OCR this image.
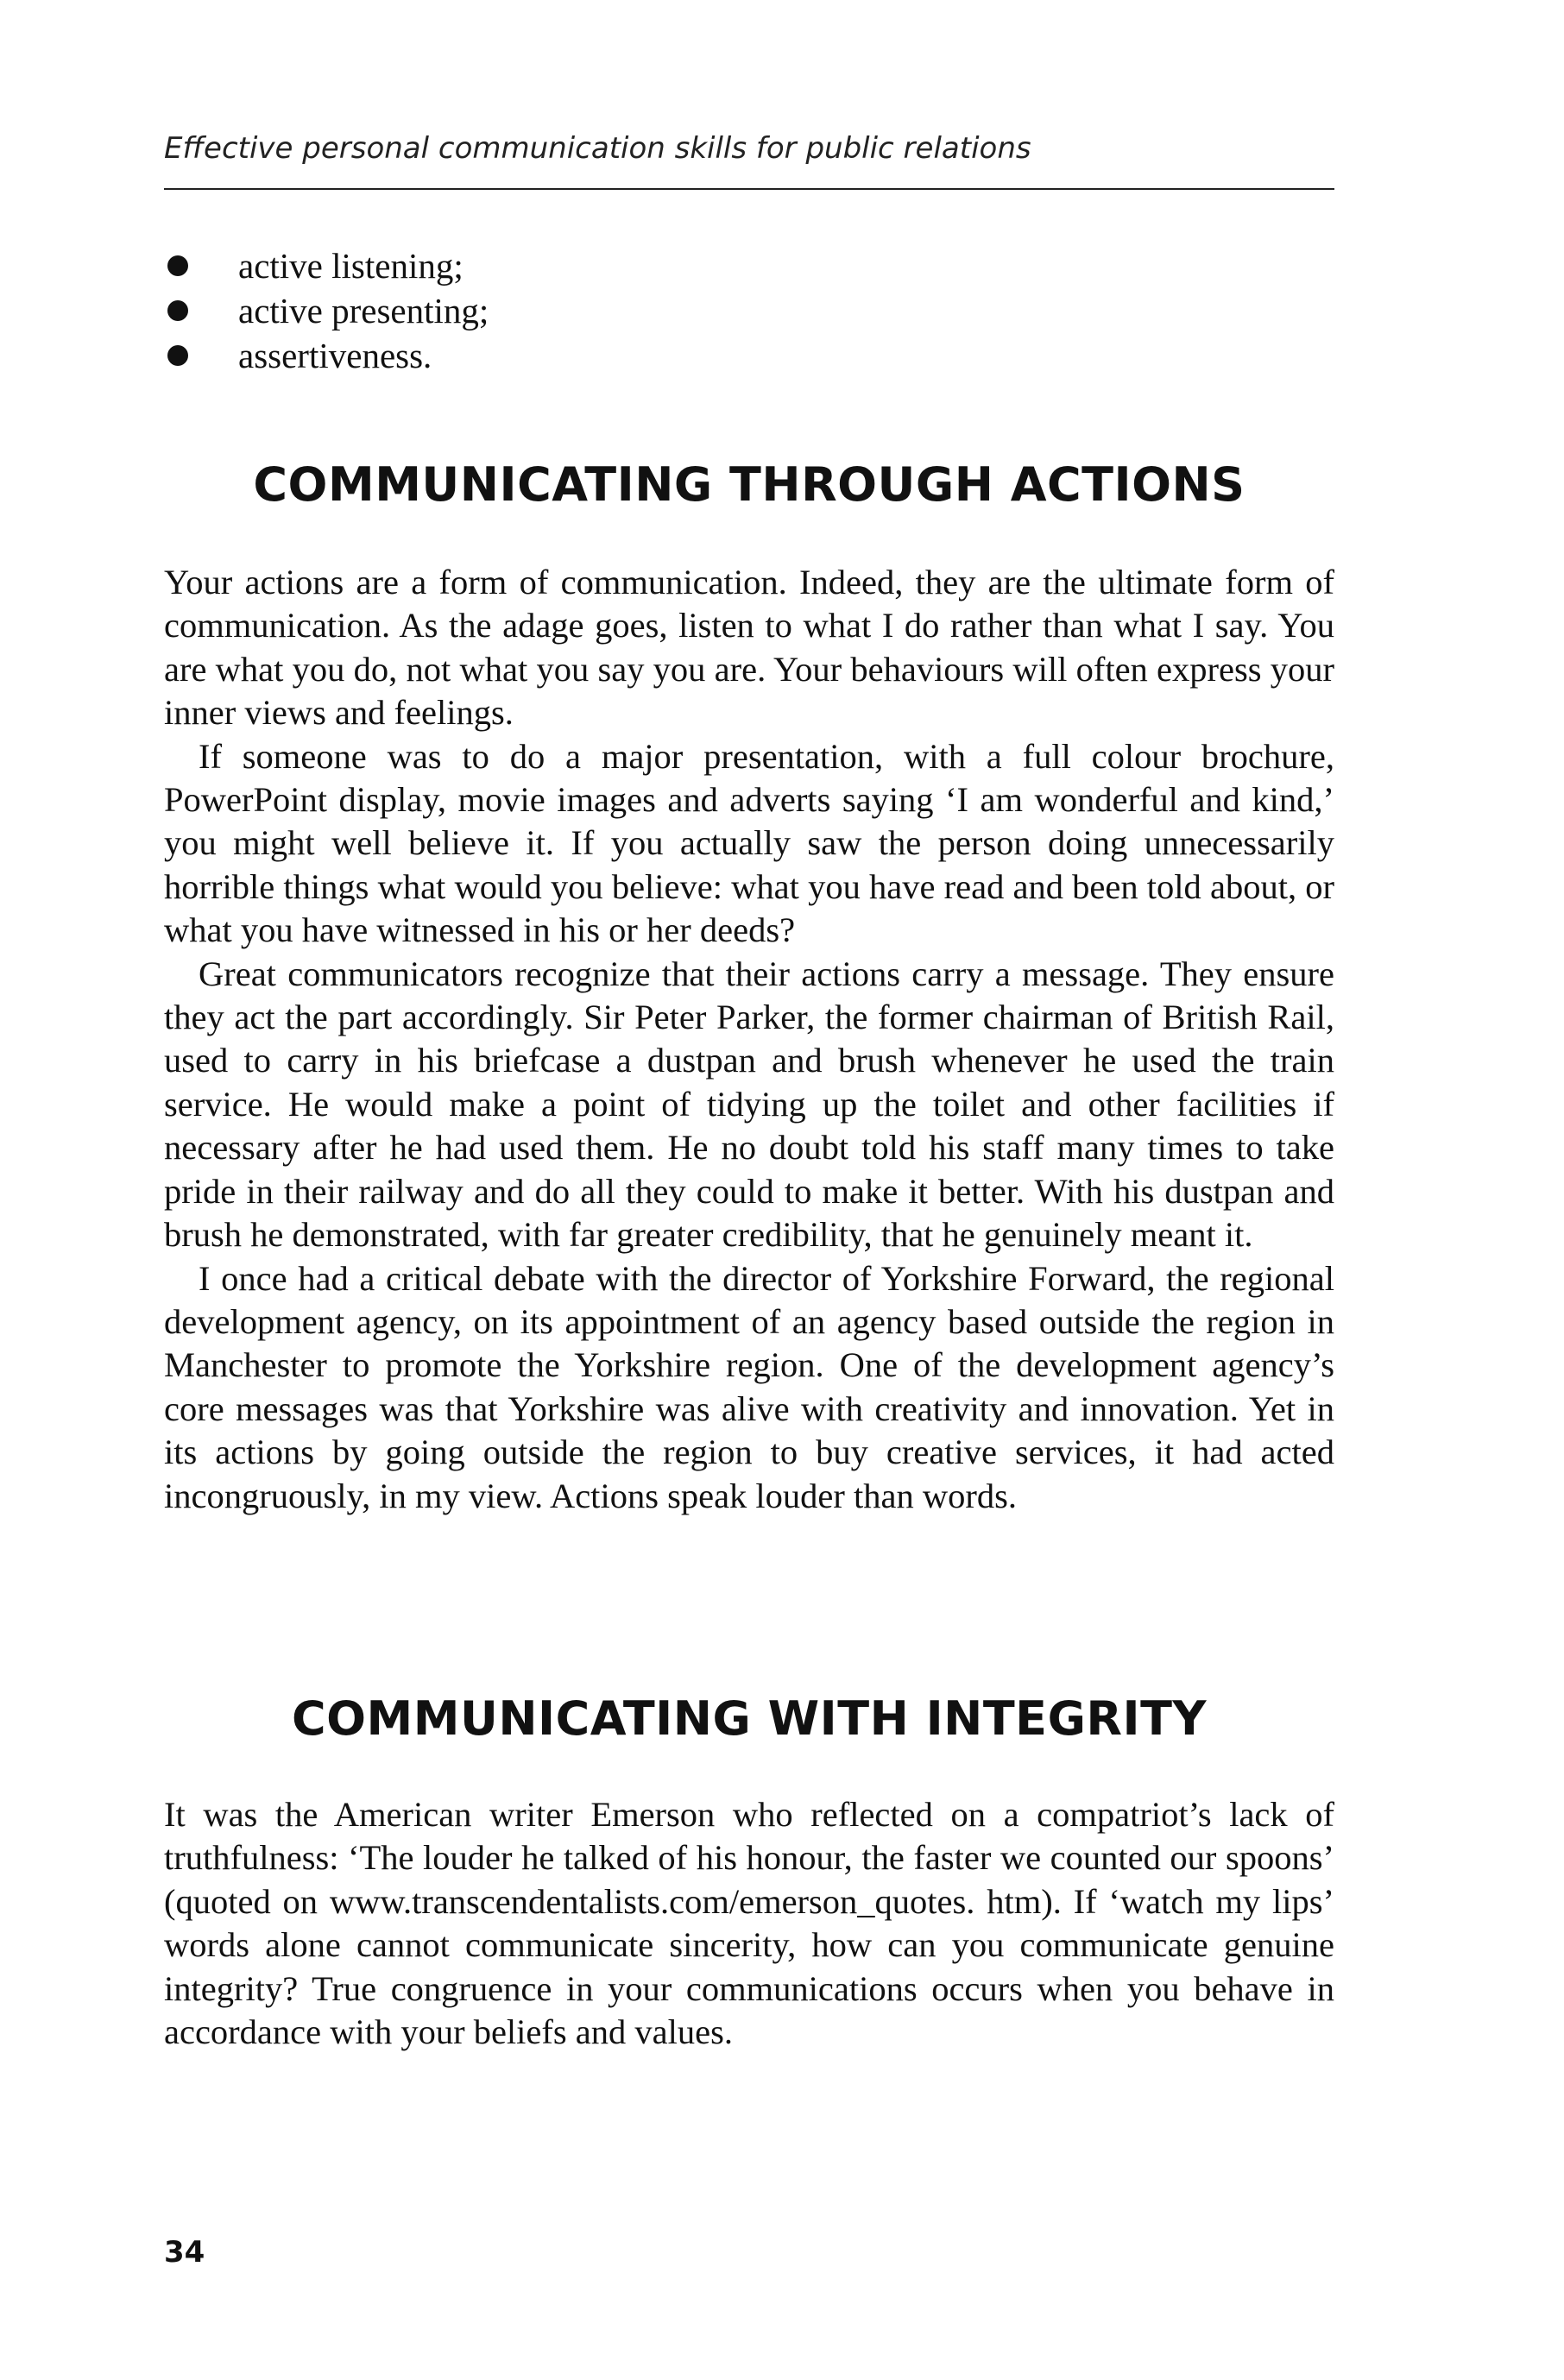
Effective personal communication skills for public relations
active listening;
active presenting;
assertiveness.
COMMUNICATING THROUGH ACTIONS

Your actions are a form of communication. Indeed, they are the ultimate form of communication. As the adage goes, listen to what I do rather than what I say. You are what you do, not what you say you are. Your behaviours will often express your inner views and feelings.

If someone was to do a major presentation, with a full colour brochure, PowerPoint display, movie images and adverts saying ‘I am wonderful and kind,’ you might well believe it. If you actually saw the person doing unnecessarily horrible things what would you believe: what you have read and been told about, or what you have witnessed in his or her deeds?

Great communicators recognize that their actions carry a message. They ensure they act the part accordingly. Sir Peter Parker, the former chairman of British Rail, used to carry in his briefcase a dustpan and brush whenever he used the train service. He would make a point of tidying up the toilet and other facilities if necessary after he had used them. He no doubt told his staff many times to take pride in their railway and do all they could to make it better. With his dustpan and brush he demonstrated, with far greater credibility, that he genuinely meant it.

I once had a critical debate with the director of Yorkshire Forward, the regional development agency, on its appointment of an agency based outside the region in Manchester to promote the Yorkshire region. One of the development agency’s core messages was that Yorkshire was alive with creativity and innovation. Yet in its actions by going outside the region to buy creative services, it had acted incongruously, in my view. Actions speak louder than words.

COMMUNICATING WITH INTEGRITY

It was the American writer Emerson who reflected on a compatriot’s lack of truthfulness: ‘The louder he talked of his honour, the faster we counted our spoons’ (quoted on www.transcendentalists.com/emerson_quotes. htm). If ‘watch my lips’ words alone cannot communicate sincerity, how can you communicate genuine integrity? True congruence in your communications occurs when you behave in accordance with your beliefs and values.

34
